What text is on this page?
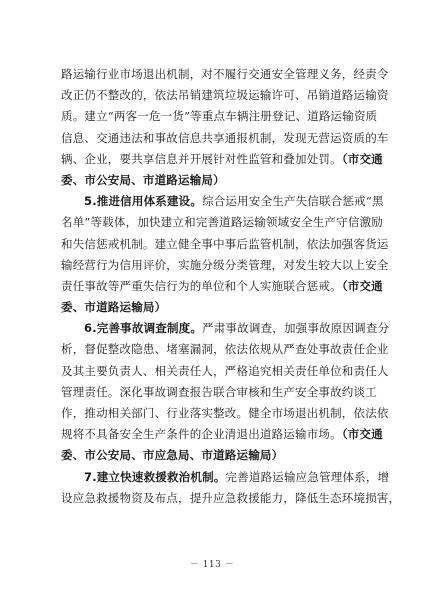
路运输行业市场退出机制，对不履行交通安全管理义务，经责令
改正仍不整改的，依法吊销建筑垃圾运输许可、吊销道路运输资
质。建立“两客一危一货”等重点车辆注册登记、道路运输资质
信息、交通违法和事故信息共享通报机制，发现无营运资质的车
辆、企业，要共享信息并开展针对性监管和叠加处罚。（市交通
委、市公安局、市道路运输局）
5.推进信用体系建设。综合运用安全生产失信联合惩戒“黑
名单”等载体，加快建立和完善道路运输领域安全生产守信激励
和失信惩戒机制。建立健全事中事后监管机制，依法加强客货运
输经营行为信用评价，实施分级分类管理，对发生较大以上安全
责任事故等严重失信行为的单位和个人实施联合惩戒。（市交通
委、市道路运输局）
6.完善事故调查制度。严肃事故调查，加强事故原因调查分
析，督促整改隐患、堵塞漏洞，依法依规从严查处事故责任企业
及其主要负责人、相关责任人，严格追究相关责任单位和责任人
管理责任。深化事故调查报告联合审核和生产安全事故约谈工
作，推动相关部门、行业落实整改。健全市场退出机制，依法依
规将不具备安全生产条件的企业清退出道路运输市场。（市交通
委、市公安局、市应急局、市道路运输局）
7.建立快速救援救治机制。完善道路运输应急管理体系，增
设应急救援物资及布点，提升应急救援能力，降低生态环境损害，
－ 113 －
